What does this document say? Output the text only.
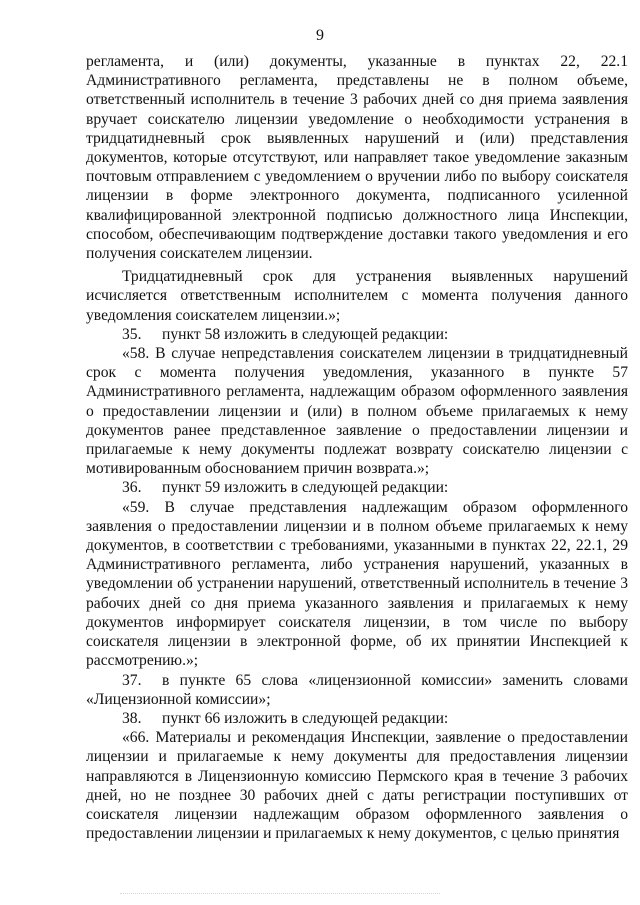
9

регламента, и (или) документы, указанные в пунктах 22, 22.1 Административного регламента, представлены не в полном объеме, ответственный исполнитель в течение 3 рабочих дней со дня приема заявления вручает соискателю лицензии уведомление о необходимости устранения в тридцатидневный срок выявленных нарушений и (или) представления документов, которые отсутствуют, или направляет такое уведомление заказным почтовым отправлением с уведомлением о вручении либо по выбору соискателя лицензии в форме электронного документа, подписанного усиленной квалифицированной электронной подписью должностного лица Инспекции, способом, обеспечивающим подтверждение доставки такого уведомления и его получения соискателем лицензии.

Тридцатидневный срок для устранения выявленных нарушений исчисляется ответственным исполнителем с момента получения данного уведомления соискателем лицензии.»;

35. пункт 58 изложить в следующей редакции:

«58. В случае непредставления соискателем лицензии в тридцатидневный срок с момента получения уведомления, указанного в пункте 57 Административного регламента, надлежащим образом оформленного заявления о предоставлении лицензии и (или) в полном объеме прилагаемых к нему документов ранее представленное заявление о предоставлении лицензии и прилагаемые к нему документы подлежат возврату соискателю лицензии с мотивированным обоснованием причин возврата.»;

36. пункт 59 изложить в следующей редакции:

«59. В случае представления надлежащим образом оформленного заявления о предоставлении лицензии и в полном объеме прилагаемых к нему документов, в соответствии с требованиями, указанными в пунктах 22, 22.1, 29 Административного регламента, либо устранения нарушений, указанных в уведомлении об устранении нарушений, ответственный исполнитель в течение 3 рабочих дней со дня приема указанного заявления и прилагаемых к нему документов информирует соискателя лицензии, в том числе по выбору соискателя лицензии в электронной форме, об их принятии Инспекцией к рассмотрению.»;

37. в пункте 65 слова «лицензионной комиссии» заменить словами «Лицензионной комиссии»;

38. пункт 66 изложить в следующей редакции:

«66. Материалы и рекомендация Инспекции, заявление о предоставлении лицензии и прилагаемые к нему документы для предоставления лицензии направляются в Лицензионную комиссию Пермского края в течение 3 рабочих дней, но не позднее 30 рабочих дней с даты регистрации поступивших от соискателя лицензии надлежащим образом оформленного заявления о предоставлении лицензии и прилагаемых к нему документов, с целью принятия
